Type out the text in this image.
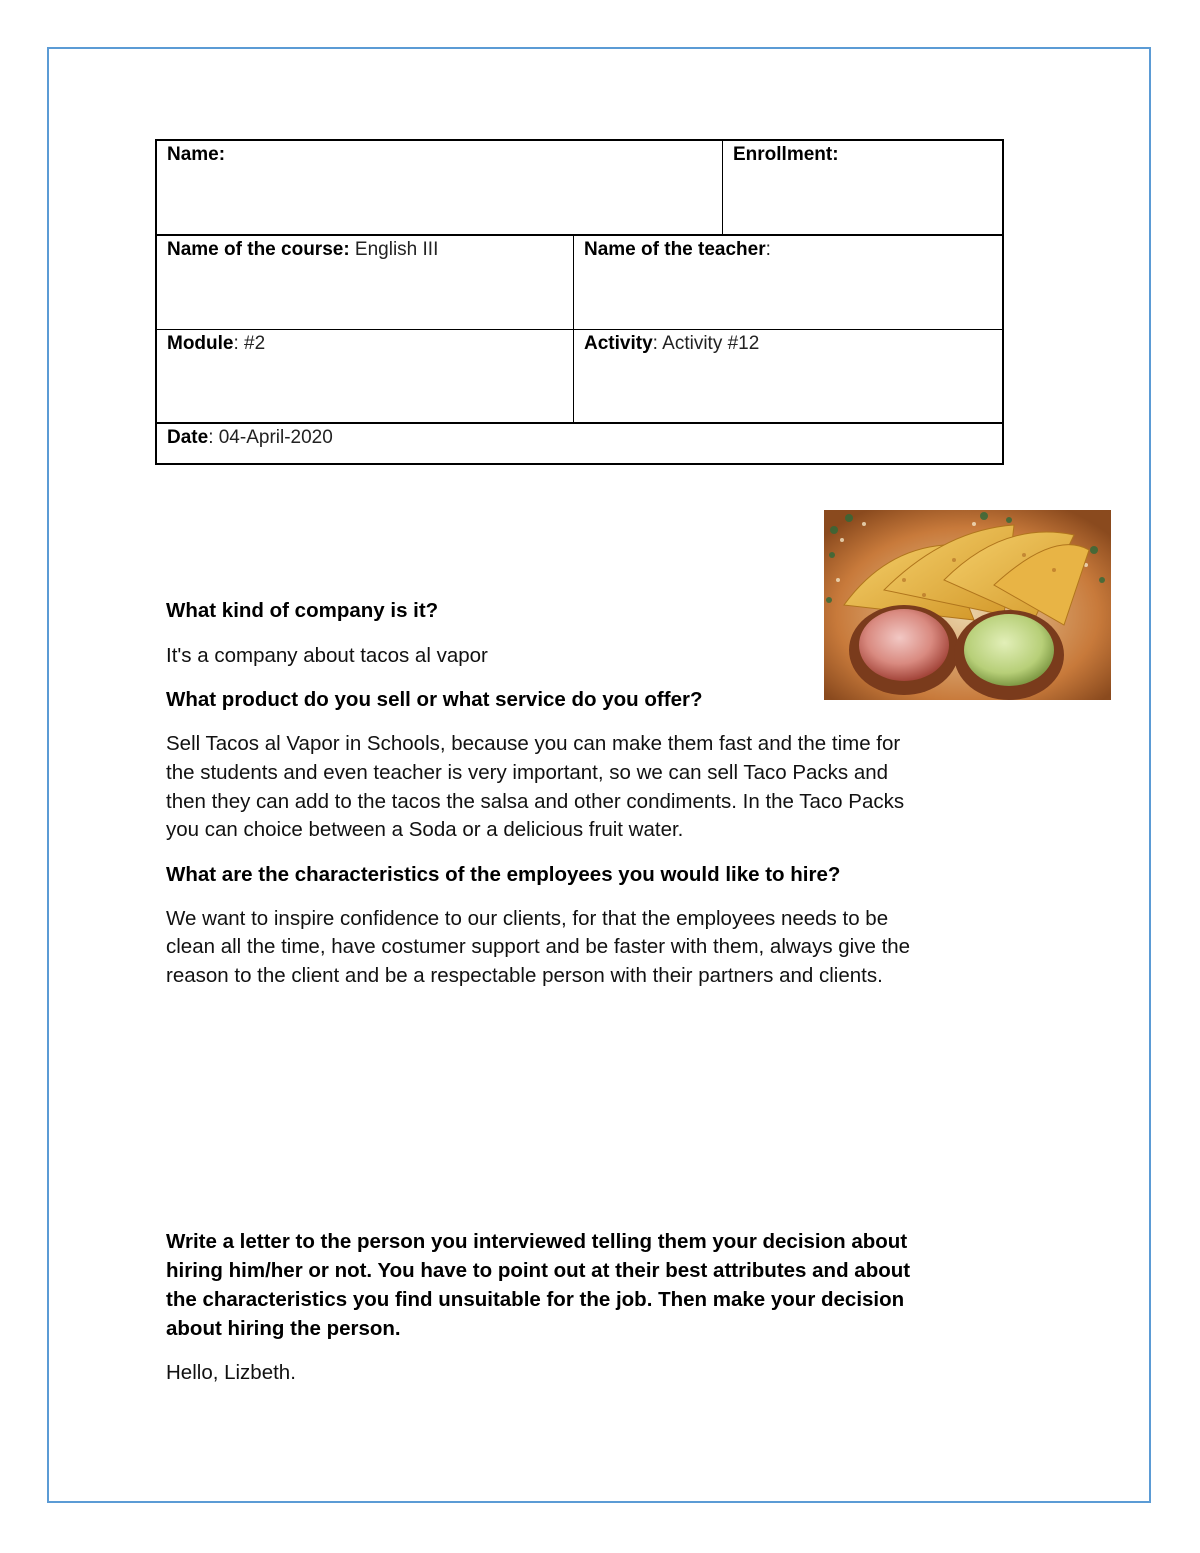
Name:	Enrollment:
Name of the course: English III	Name of the teacher:
Module: #2	Activity: Activity #12
Date: 04-April-2020

What kind of company is it?

It's a company about tacos al vapor

What product do you sell or what service do you offer?

Sell Tacos al Vapor in Schools, because you can make them fast and the time for

the students and even teacher is very important, so we can sell Taco Packs and

then they can add to the tacos the salsa and other condiments. In the Taco Packs

you can choice between a Soda or a delicious fruit water.

What are the characteristics of the employees you would like to hire?

We want to inspire confidence to our clients, for that the employees needs to be

clean all the time, have costumer support and be faster with them, always give the

reason to the client and be a respectable person with their partners and clients.

Write a letter to the person you interviewed telling them your decision about

hiring him/her or not. You have to point out at their best attributes and about

the characteristics you find unsuitable for the job. Then make your decision

about hiring the person.

Hello, Lizbeth.
